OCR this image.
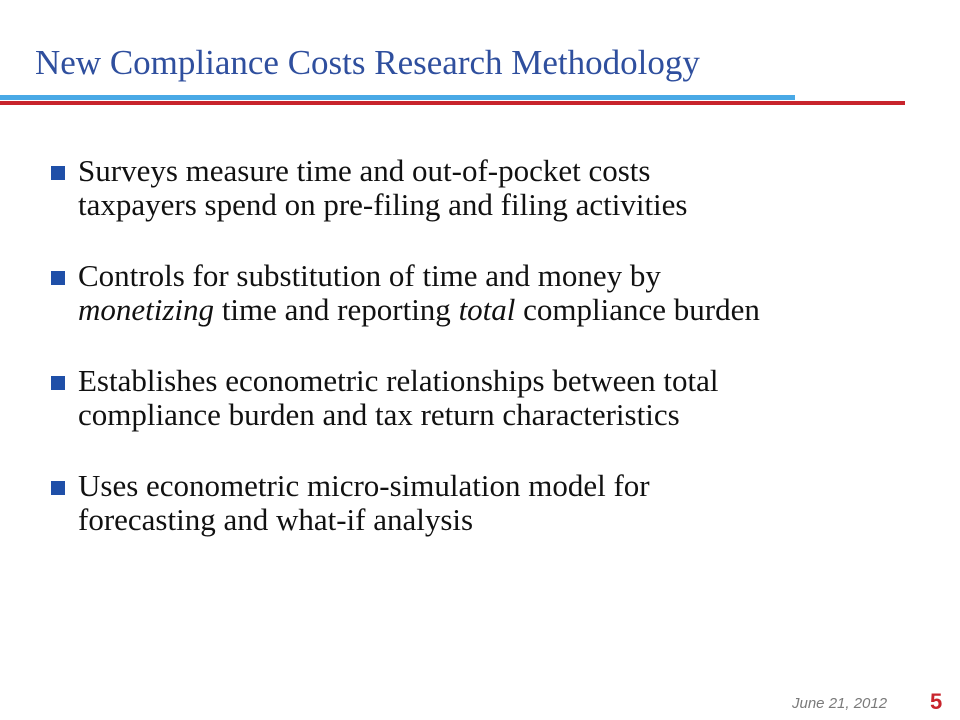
New Compliance Costs Research Methodology
Surveys measure time and out-of-pocket costs
taxpayers spend on pre-filing and filing activities
Controls for substitution of time and money by
monetizing time and reporting total compliance burden
Establishes econometric relationships between total
compliance burden and tax return characteristics
Uses econometric micro-simulation model for
forecasting and what-if analysis
June 21, 2012 5
